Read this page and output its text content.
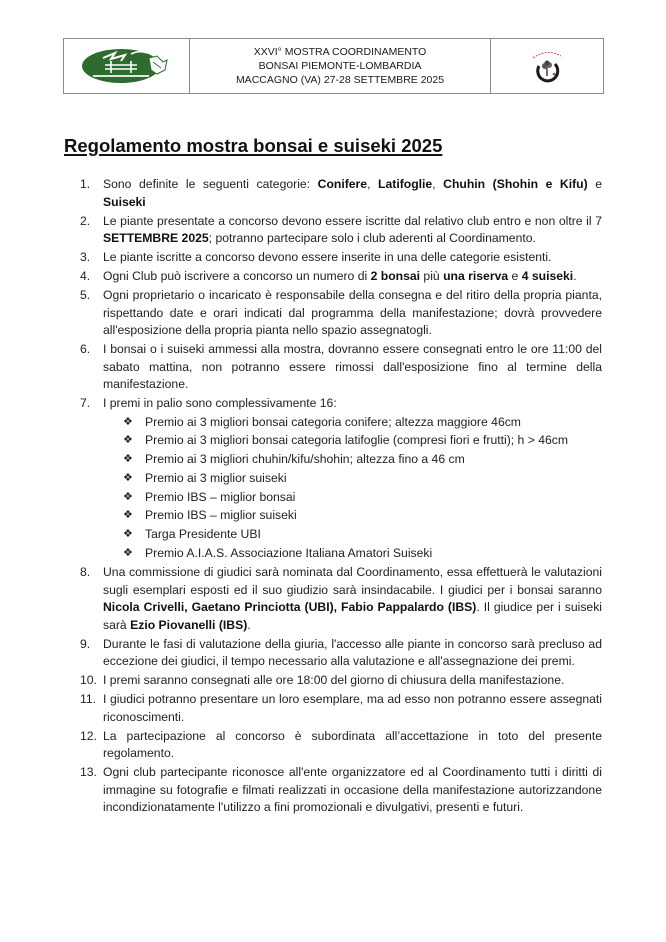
XXVI° MOSTRA COORDINAMENTO
BONSAI PIEMONTE-LOMBARDIA
MACCAGNO (VA) 27-28 SETTEMBRE 2025
Regolamento mostra bonsai e suiseki 2025
1.	Sono definite le seguenti categorie: Conifere, Latifoglie, Chuhin (Shohin e Kifu) e Suiseki
2.	Le piante presentate a concorso devono essere iscritte dal relativo club entro e non oltre il 7 SETTEMBRE 2025; potranno partecipare solo i club aderenti al Coordinamento.
3.	Le piante iscritte a concorso devono essere inserite in una delle categorie esistenti.
4.	Ogni Club può iscrivere a concorso un numero di 2 bonsai più una riserva e 4 suiseki.
5.	Ogni proprietario o incaricato è responsabile della consegna e del ritiro della propria pianta, rispettando date e orari indicati dal programma della manifestazione; dovrà provvedere all'esposizione della propria pianta nello spazio assegnatogli.
6.	I bonsai o i suiseki ammessi alla mostra, dovranno essere consegnati entro le ore 11:00 del sabato mattina, non potranno essere rimossi dall'esposizione fino al termine della manifestazione.
7.	I premi in palio sono complessivamente 16:
❖ Premio ai 3 migliori bonsai categoria conifere; altezza maggiore 46cm
❖ Premio ai 3 migliori bonsai categoria latifoglie (compresi fiori e frutti); h > 46cm
❖ Premio ai 3 migliori chuhin/kifu/shohin; altezza fino a 46 cm
❖ Premio ai 3 miglior suiseki
❖ Premio IBS – miglior bonsai
❖ Premio IBS – miglior suiseki
❖ Targa Presidente UBI
❖ Premio A.I.A.S. Associazione Italiana Amatori Suiseki
8.	Una commissione di giudici sarà nominata dal Coordinamento, essa effettuerà le valutazioni sugli esemplari esposti ed il suo giudizio sarà insindacabile. I giudici per i bonsai saranno Nicola Crivelli, Gaetano Princiotta (UBI), Fabio Pappalardo (IBS). Il giudice per i suiseki sarà Ezio Piovanelli (IBS).
9.	Durante le fasi di valutazione della giuria, l'accesso alle piante in concorso sarà precluso ad eccezione dei giudici, il tempo necessario alla valutazione e all'assegnazione dei premi.
10. I premi saranno consegnati alle ore 18:00 del giorno di chiusura della manifestazione.
11. I giudici potranno presentare un loro esemplare, ma ad esso non potranno essere assegnati riconoscimenti.
12. La partecipazione al concorso è subordinata all’accettazione in toto del presente regolamento.
13. Ogni club partecipante riconosce all'ente organizzatore ed al Coordinamento tutti i diritti di immagine su fotografie e filmati realizzati in occasione della manifestazione autorizzandone incondizionatamente l'utilizzo a fini promozionali e divulgativi, presenti e futuri.
